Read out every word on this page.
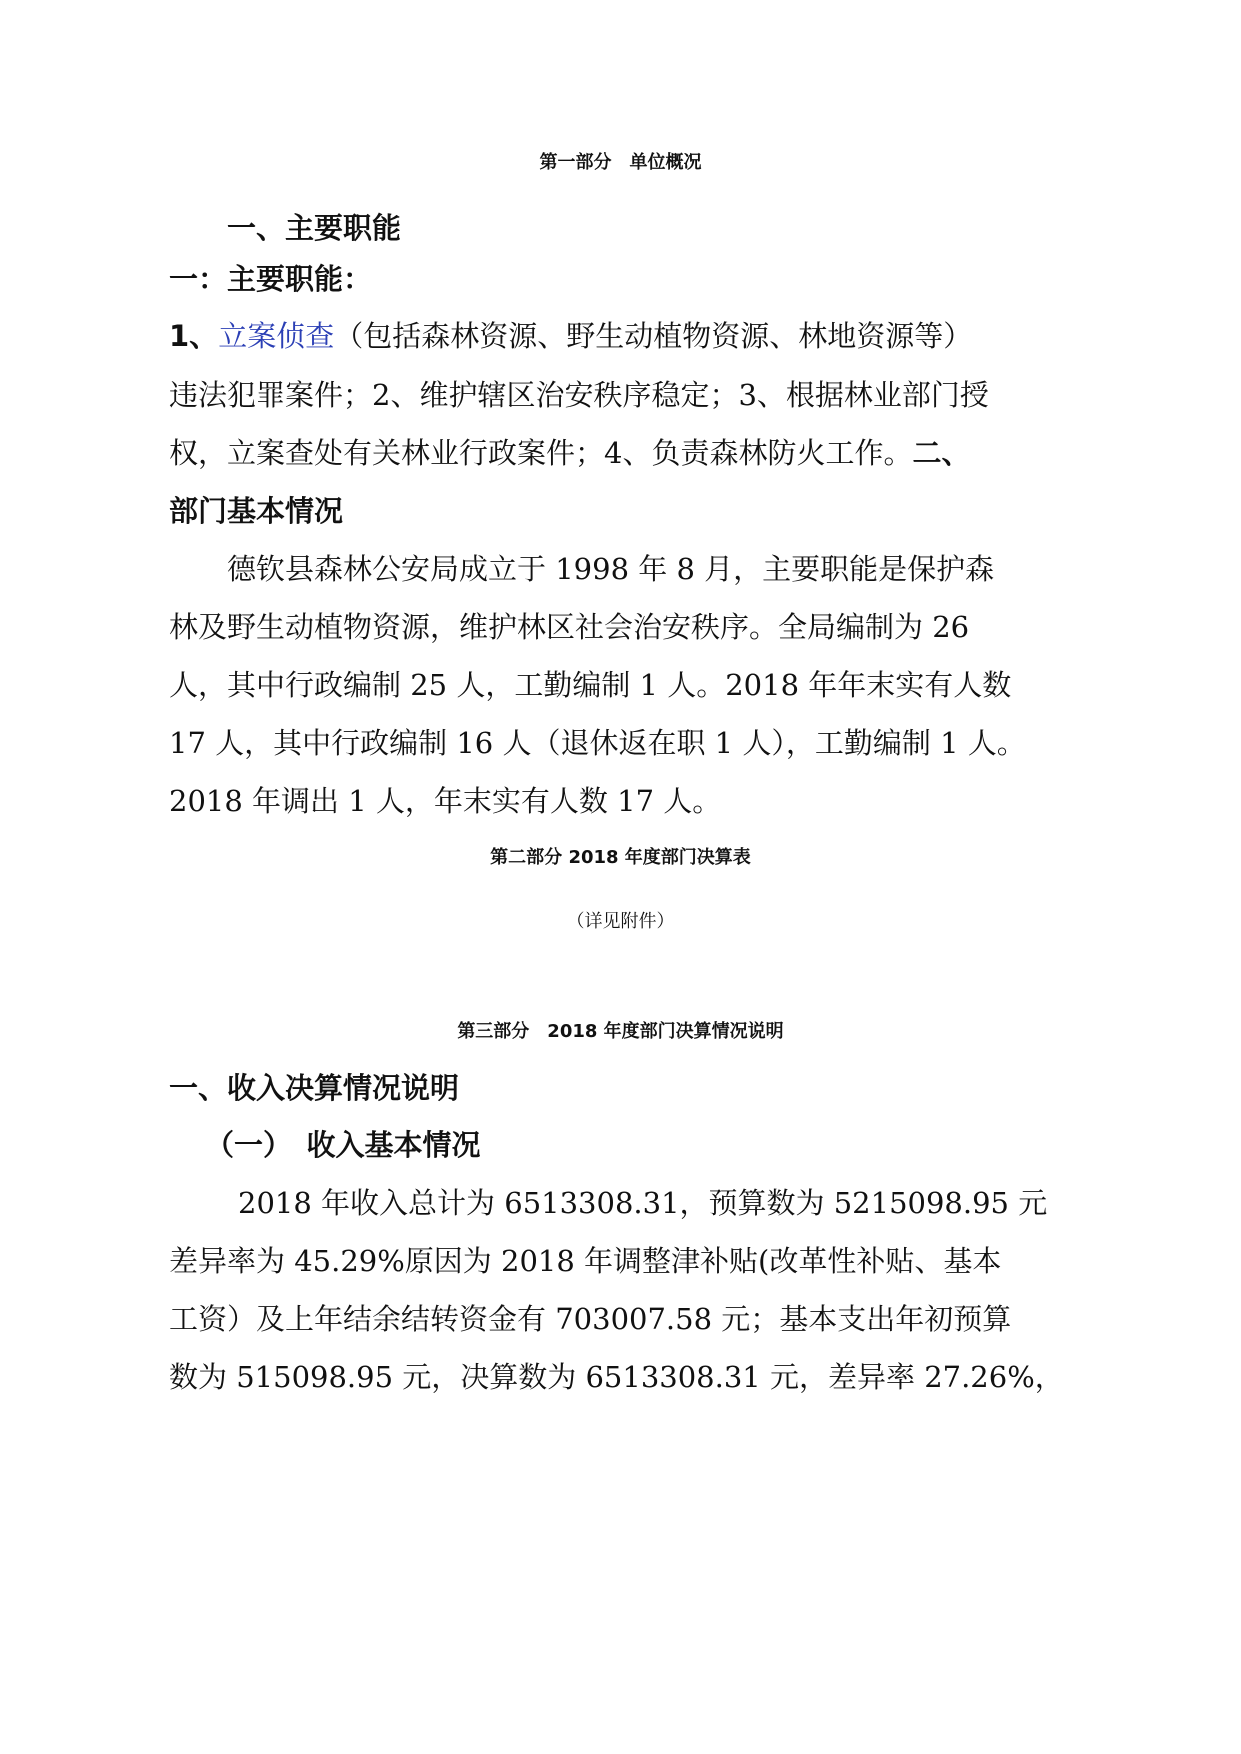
第一部分　单位概况
一、主要职能
一：主要职能：
1、立案侦查（包括森林资源、野生动植物资源、林地资源等）
违法犯罪案件；2、维护辖区治安秩序稳定；3、根据林业部门授
权，立案查处有关林业行政案件；4、负责森林防火工作。二、
部门基本情况
德钦县森林公安局成立于 1998 年 8 月，主要职能是保护森
林及野生动植物资源，维护林区社会治安秩序。全局编制为 26
人，其中行政编制 25 人，工勤编制 1 人。2018 年年末实有人数
17 人，其中行政编制 16 人（退休返在职 1 人），工勤编制 1 人。
2018 年调出 1 人，年末实有人数 17 人。
第二部分 2018 年度部门决算表
（详见附件）
第三部分　2018 年度部门决算情况说明
一、收入决算情况说明
（一）　收入基本情况
2018 年收入总计为 6513308.31，预算数为 5215098.95 元
差异率为 45.29%原因为 2018 年调整津补贴(改革性补贴、基本
工资）及上年结余结转资金有 703007.58 元；基本支出年初预算
数为 515098.95 元，决算数为 6513308.31 元，差异率 27.26%，
